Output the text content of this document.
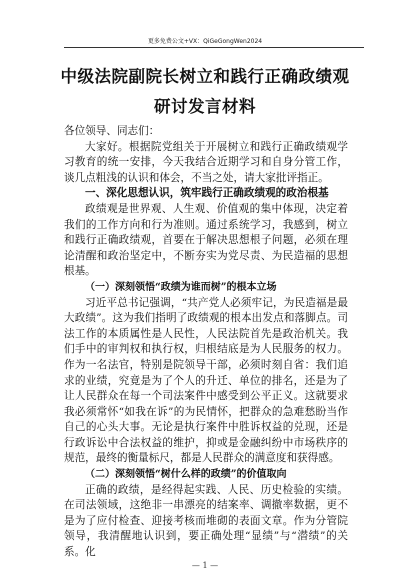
更多免费公文+VX：QiGeGongWen2024
中级法院副院长树立和践行正确政绩观
研讨发言材料

各位领导、同志们：

大家好。根据院党组关于开展树立和践行正确政绩观学习教育的统一安排，今天我结合近期学习和自身分管工作，谈几点粗浅的认识和体会，不当之处，请大家批评指正。

一、深化思想认识，筑牢践行正确政绩观的政治根基

政绩观是世界观、人生观、价值观的集中体现，决定着我们的工作方向和行为准则。通过系统学习，我感到，树立和践行正确政绩观，首要在于解决思想根子问题，必须在理论清醒和政治坚定中，不断夯实为党尽责、为民造福的思想根基。

（一）深刻领悟“政绩为谁而树”的根本立场

习近平总书记强调，“共产党人必须牢记，为民造福是最大政绩”。这为我们指明了政绩观的根本出发点和落脚点。司法工作的本质属性是人民性，人民法院首先是政治机关。我们手中的审判权和执行权，归根结底是为人民服务的权力。作为一名法官，特别是院领导干部，必须时刻自省：我们追求的业绩，究竟是为了个人的升迁、单位的排名，还是为了让人民群众在每一个司法案件中感受到公平正义。这就要求我必须常怀“如我在诉”的为民情怀，把群众的急难愁盼当作自己的心头大事。无论是执行案件中胜诉权益的兑现，还是行政诉讼中合法权益的维护，抑或是金融纠纷中市场秩序的规范，最终的衡量标尺，都是人民群众的满意度和获得感。

（二）深刻领悟“树什么样的政绩”的价值取向

正确的政绩，是经得起实践、人民、历史检验的实绩。在司法领域，这绝非一串漂亮的结案率、调撤率数据，更不是为了应付检查、迎接考核而堆砌的表面文章。作为分管院领导，我清醒地认识到，要正确处理“显绩”与“潜绩”的关系。化

— 1 —
